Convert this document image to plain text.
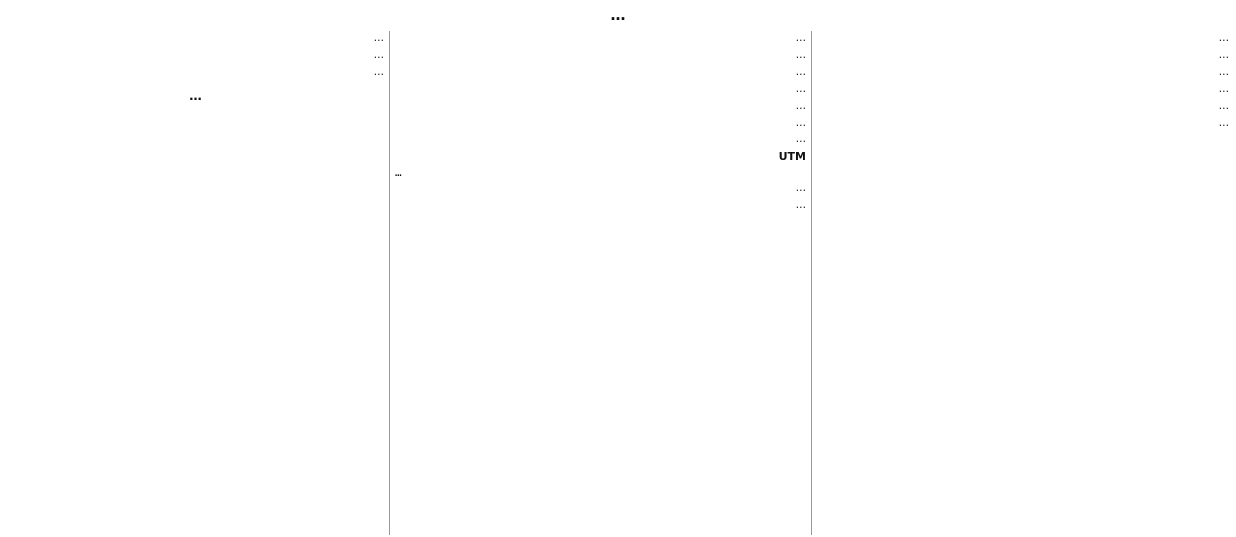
…
…
…
…
…
…
…
…
…
…
…
…
…
…
UTM
…
…
…
…
…
…
…
